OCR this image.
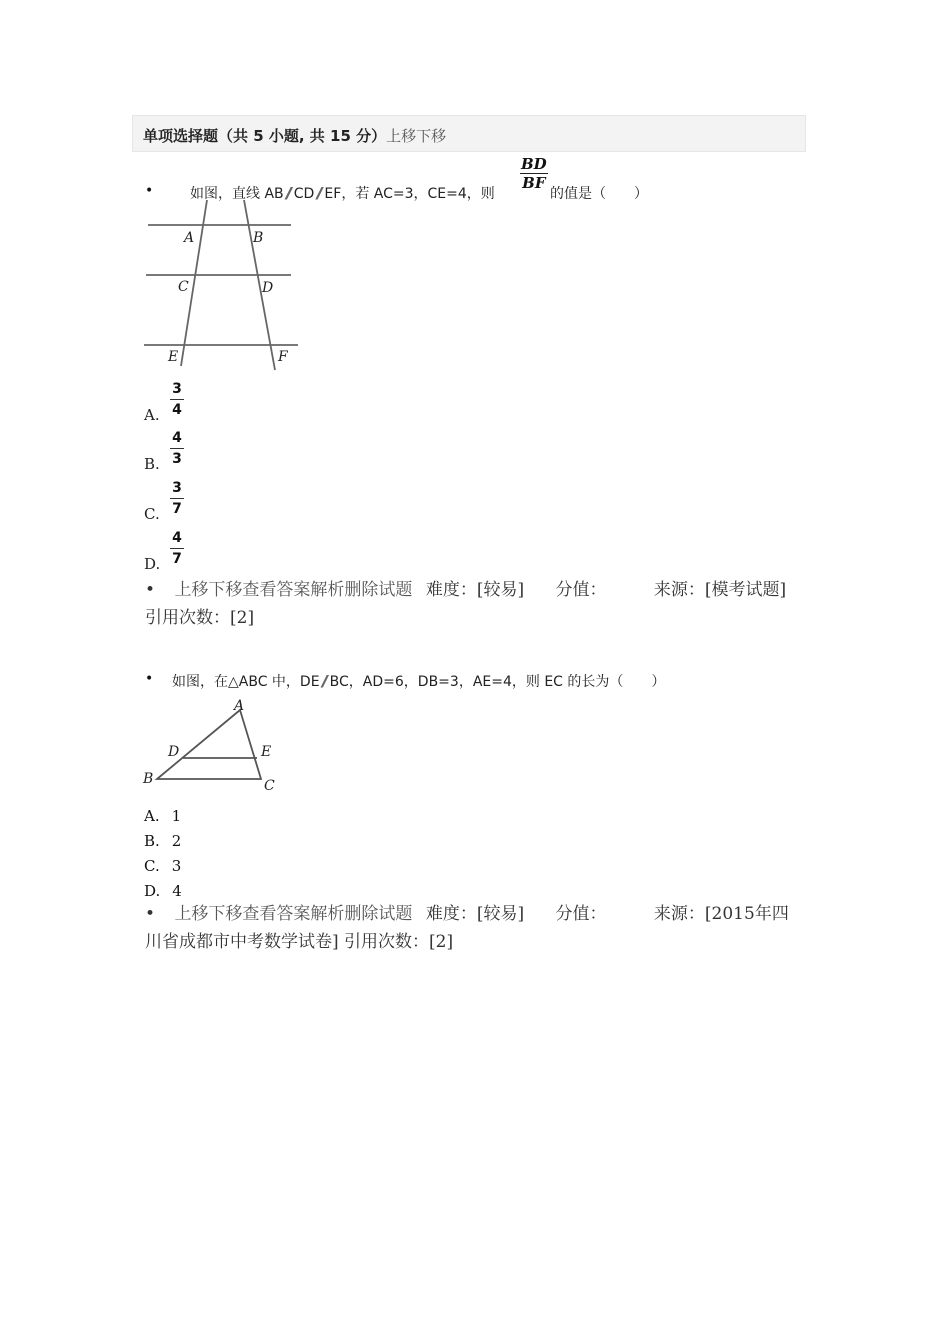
单项选择题（共 5 小题, 共 15 分）上移下移
•	如图，直线 AB // CD // EF，若 AC=3，CE=4，则
$\frac{BD}{BF}$
的值是（　　）
A	B
C	D
E	F
A. $\frac{3}{4}$
B. $\frac{4}{3}$
C. $\frac{3}{7}$
D. $\frac{4}{7}$
• 上移下移查看答案解析删除试题 难度：[较易] 分值：	来源：[模考试题] 引用次数：[2]
• 如图，在△ABC 中，DE // BC，AD=6，DB=3，AE=4，则 EC 的长为（　　）
A
D	E
B	C
A. 1
B. 2
C. 3
D. 4
• 上移下移查看答案解析删除试题 难度：[较易] 分值：	来源：[2015年四川省成都市中考数学试卷] 引用次数：[2]
